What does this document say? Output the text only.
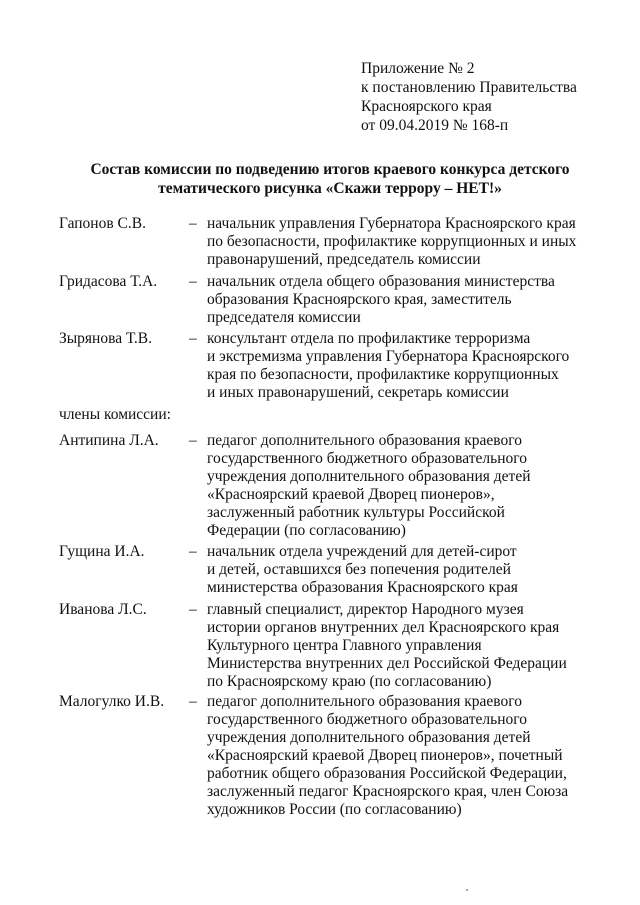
Приложение № 2
к постановлению Правительства
Красноярского края
от 09.04.2019 № 168-п
Состав комиссии по подведению итогов краевого конкурса детского
тематического рисунка «Скажи террору – НЕТ!»
Гапонов С.В.	– начальник управления Губернатора Красноярского края
по безопасности, профилактике коррупционных и иных
правонарушений, председатель комиссии
Гридасова Т.А. – начальник отдела общего образования министерства
образования Красноярского края, заместитель
председателя комиссии
Зырянова Т.В. – консультант отдела по профилактике терроризма
и экстремизма управления Губернатора Красноярского
края по безопасности, профилактике коррупционных
и иных правонарушений, секретарь комиссии
члены комиссии:
Антипина Л.А. – педагог дополнительного образования краевого
государственного бюджетного образовательного
учреждения дополнительного образования детей
«Красноярский краевой Дворец пионеров»,
заслуженный работник культуры Российской
Федерации (по согласованию)
Гущина И.А.	– начальник отдела учреждений для детей-сирот
и детей, оставшихся без попечения родителей
министерства образования Красноярского края
Иванова Л.С.	– главный специалист, директор Народного музея
истории органов внутренних дел Красноярского края
Культурного центра Главного управления
Министерства внутренних дел Российской Федерации
по Красноярскому краю (по согласованию)
Малогулко И.В. – педагог дополнительного образования краевого
государственного бюджетного образовательного
учреждения дополнительного образования детей
«Красноярский краевой Дворец пионеров», почетный
работник общего образования Российской Федерации,
заслуженный педагог Красноярского края, член Союза
художников России (по согласованию)
